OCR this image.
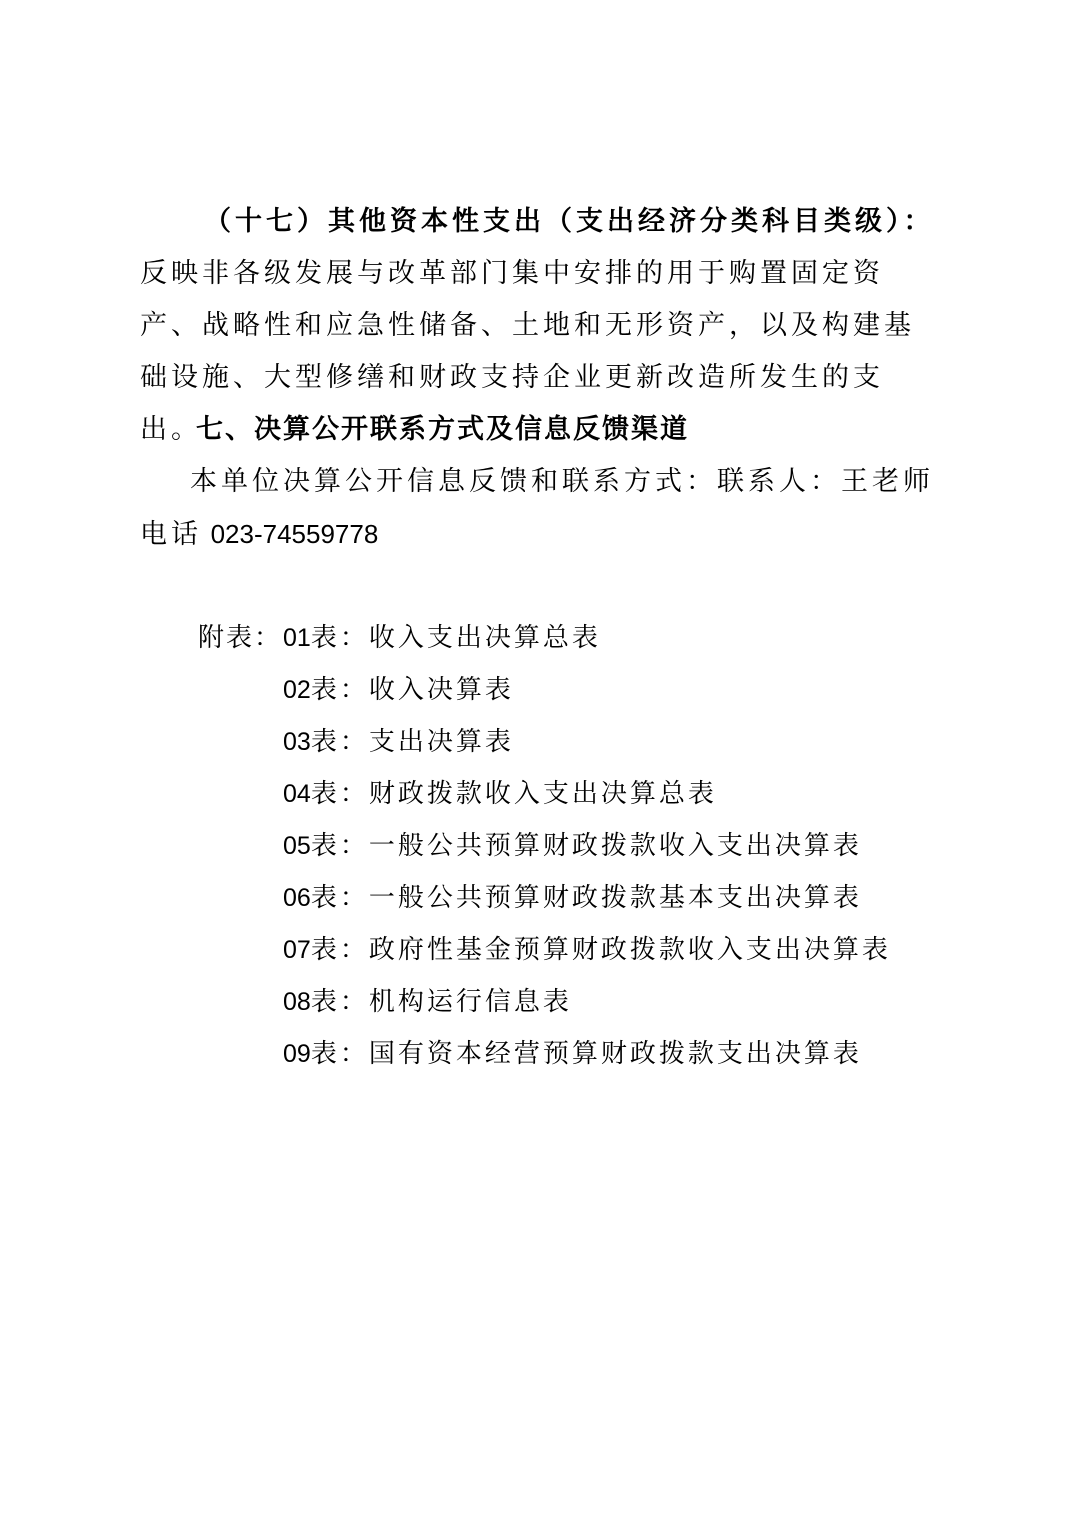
（十七）其他资本性支出（支出经济分类科目类级）：反映非各级发展与改革部门集中安排的用于购置固定资产、战略性和应急性储备、土地和无形资产，以及构建基础设施、大型修缮和财政支持企业更新改造所发生的支出。

七、决算公开联系方式及信息反馈渠道

本单位决算公开信息反馈和联系方式：联系人：王老师

电话 023-74559778

附表： 01表：收入支出决算总表
02表：收入决算表
03表：支出决算表
04表：财政拨款收入支出决算总表
05表：一般公共预算财政拨款收入支出决算表
06表：一般公共预算财政拨款基本支出决算表
07表：政府性基金预算财政拨款收入支出决算表
08表：机构运行信息表
09表：国有资本经营预算财政拨款支出决算表
